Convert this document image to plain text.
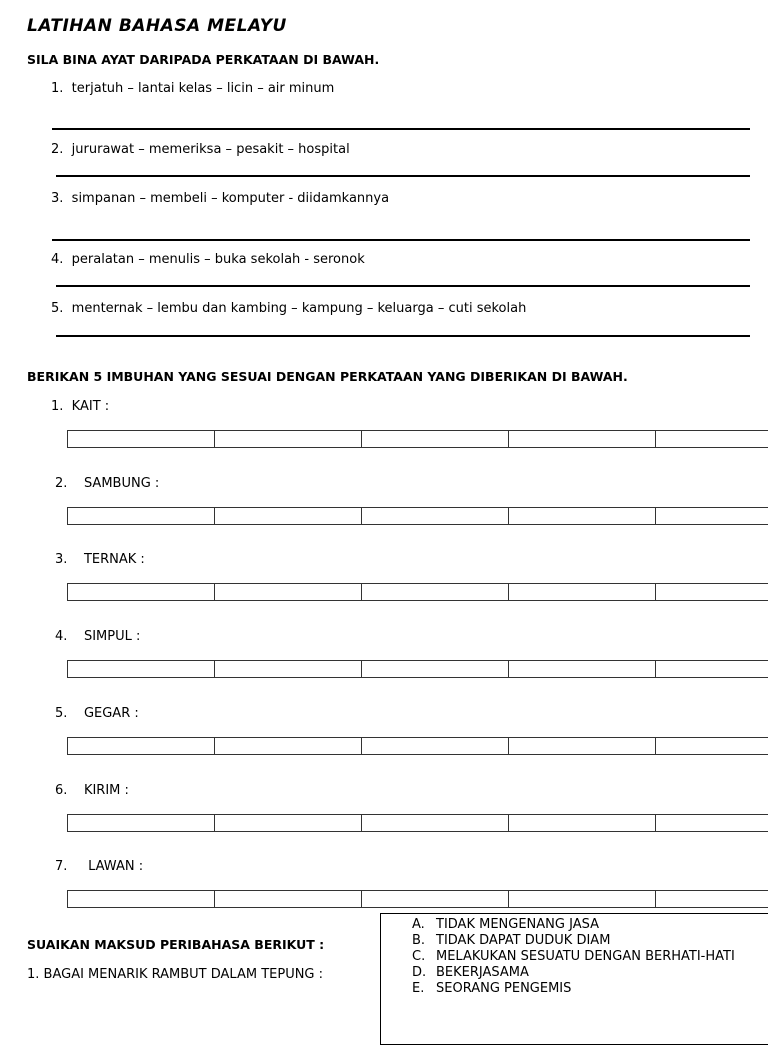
LATIHAN BAHASA MELAYU
SILA BINA AYAT DARIPADA PERKATAAN DI BAWAH.
1. terjatuh – lantai kelas – licin – air minum
2. jururawat – memeriksa – pesakit – hospital
3. simpanan – membeli – komputer - diidamkannya
4. peralatan – menulis – buka sekolah - seronok
5. menternak – lembu dan kambing – kampung – keluarga – cuti sekolah
BERIKAN 5 IMBUHAN YANG SESUAI DENGAN PERKATAAN YANG DIBERIKAN DI BAWAH.
1. KAIT :
2. SAMBUNG :
3. TERNAK :
4. SIMPUL :
5. GEGAR :
6. KIRIM :
7. LAWAN :
SUAIKAN MAKSUD PERIBAHASA BERIKUT :
1. BAGAI MENARIK RAMBUT DALAM TEPUNG :
A. TIDAK MENGENANG JASA
B. TIDAK DAPAT DUDUK DIAM
C. MELAKUKAN SESUATU DENGAN BERHATI-HATI
D. BEKERJASAMA
E. SEORANG PENGEMIS
